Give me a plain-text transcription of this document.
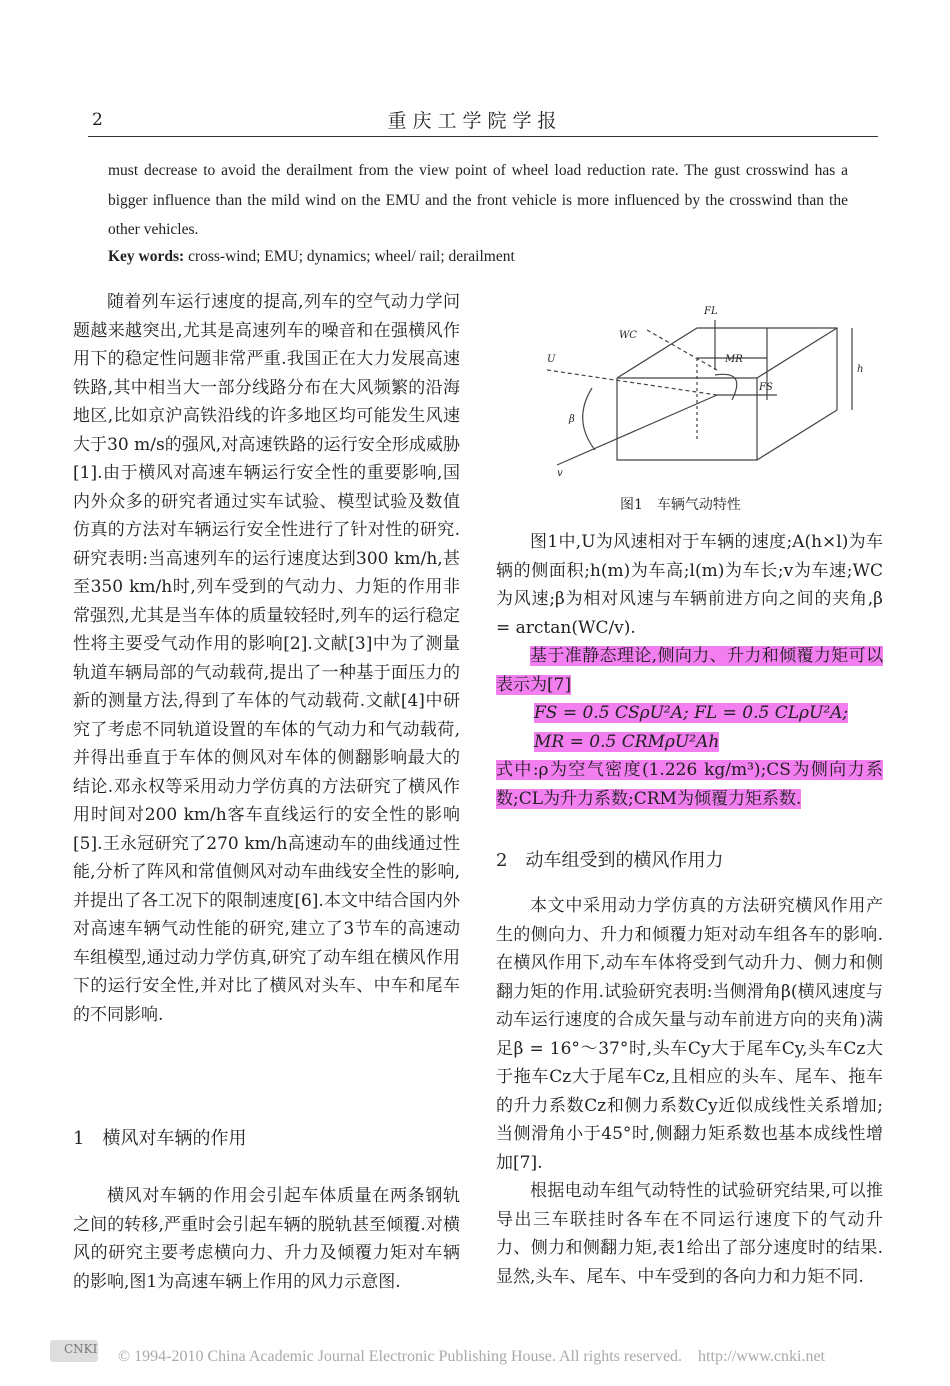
2	重庆工学院学报
must decrease to avoid the derailment from the view point of wheel load reduction rate. The gust crosswind has a bigger influence than the mild wind on the EMU and the front vehicle is more influenced by the crosswind than the other vehicles.
Key words: cross-wind; EMU; dynamics; wheel/ rail; derailment

随着列车运行速度的提高,列车的空气动力学问题越来越突出,尤其是高速列车的噪音和在强横风作用下的稳定性问题非常严重.我国正在大力发展高速铁路,其中相当大一部分线路分布在大风频繁的沿海地区,比如京沪高铁沿线的许多地区均可能发生风速大于30 m/s的强风,对高速铁路的运行安全形成威胁[1].由于横风对高速车辆运行安全性的重要影响,国内外众多的研究者通过实车试验、模型试验及数值仿真的方法对车辆运行安全性进行了针对性的研究.研究表明:当高速列车的运行速度达到300 km/h,甚至350 km/h时,列车受到的气动力、力矩的作用非常强烈,尤其是当车体的质量较轻时,列车的运行稳定性将主要受气动作用的影响[2].文献[3]中为了测量轨道车辆局部的气动载荷,提出了一种基于面压力的新的测量方法,得到了车体的气动载荷.文献[4]中研究了考虑不同轨道设置的车体的气动力和气动载荷,并得出垂直于车体的侧风对车体的侧翻影响最大的结论.邓永权等采用动力学仿真的方法研究了横风作用时间对200 km/h客车直线运行的安全性的影响[5].王永冠研究了270 km/h高速动车的曲线通过性能,分析了阵风和常值侧风对动车曲线安全性的影响,并提出了各工况下的限制速度[6].本文中结合国内外对高速车辆气动性能的研究,建立了3节车的高速动车组模型,通过动力学仿真,研究了动车组在横风作用下的运行安全性,并对比了横风对头车、中车和尾车的不同影响.

1　横风对车辆的作用

横风对车辆的作用会引起车体质量在两条钢轨之间的转移,严重时会引起车辆的脱轨甚至倾覆.对横风的研究主要考虑横向力、升力及倾覆力矩对车辆的影响,图1为高速车辆上作用的风力示意图.

FL
MR
WC
U
β
v
FS
h
图1　车辆气动特性

图1中,U为风速相对于车辆的速度;A(h×l)为车辆的侧面积;h(m)为车高;l(m)为车长;v为车速;WC为风速;β为相对风速与车辆前进方向之间的夹角,β = arctan(WC/v).

基于准静态理论,侧向力、升力和倾覆力矩可以表示为[7]

FS = 0.5 CSρU²A; FL = 0.5 CLρU²A;

MR = 0.5 CRMρU²Ah

式中:ρ为空气密度(1.226 kg/m³);CS为侧向力系数;CL为升力系数;CRM为倾覆力矩系数.

2　动车组受到的横风作用力

本文中采用动力学仿真的方法研究横风作用产生的侧向力、升力和倾覆力矩对动车组各车的影响.在横风作用下,动车车体将受到气动升力、侧力和侧翻力矩的作用.试验研究表明:当侧滑角β(横风速度与动车运行速度的合成矢量与动车前进方向的夹角)满足β = 16°～37°时,头车Cy大于尾车Cy,头车Cz大于拖车Cz大于尾车Cz,且相应的头车、尾车、拖车的升力系数Cz和侧力系数Cy近似成线性关系增加;当侧滑角小于45°时,侧翻力矩系数也基本成线性增加[7].

根据电动车组气动特性的试验研究结果,可以推导出三车联挂时各车在不同运行速度下的气动升力、侧力和侧翻力矩,表1给出了部分速度时的结果.显然,头车、尾车、中车受到的各向力和力矩不同.

CNKI © 1994-2010 China Academic Journal Electronic Publishing House. All rights reserved.　http://www.cnki.net
